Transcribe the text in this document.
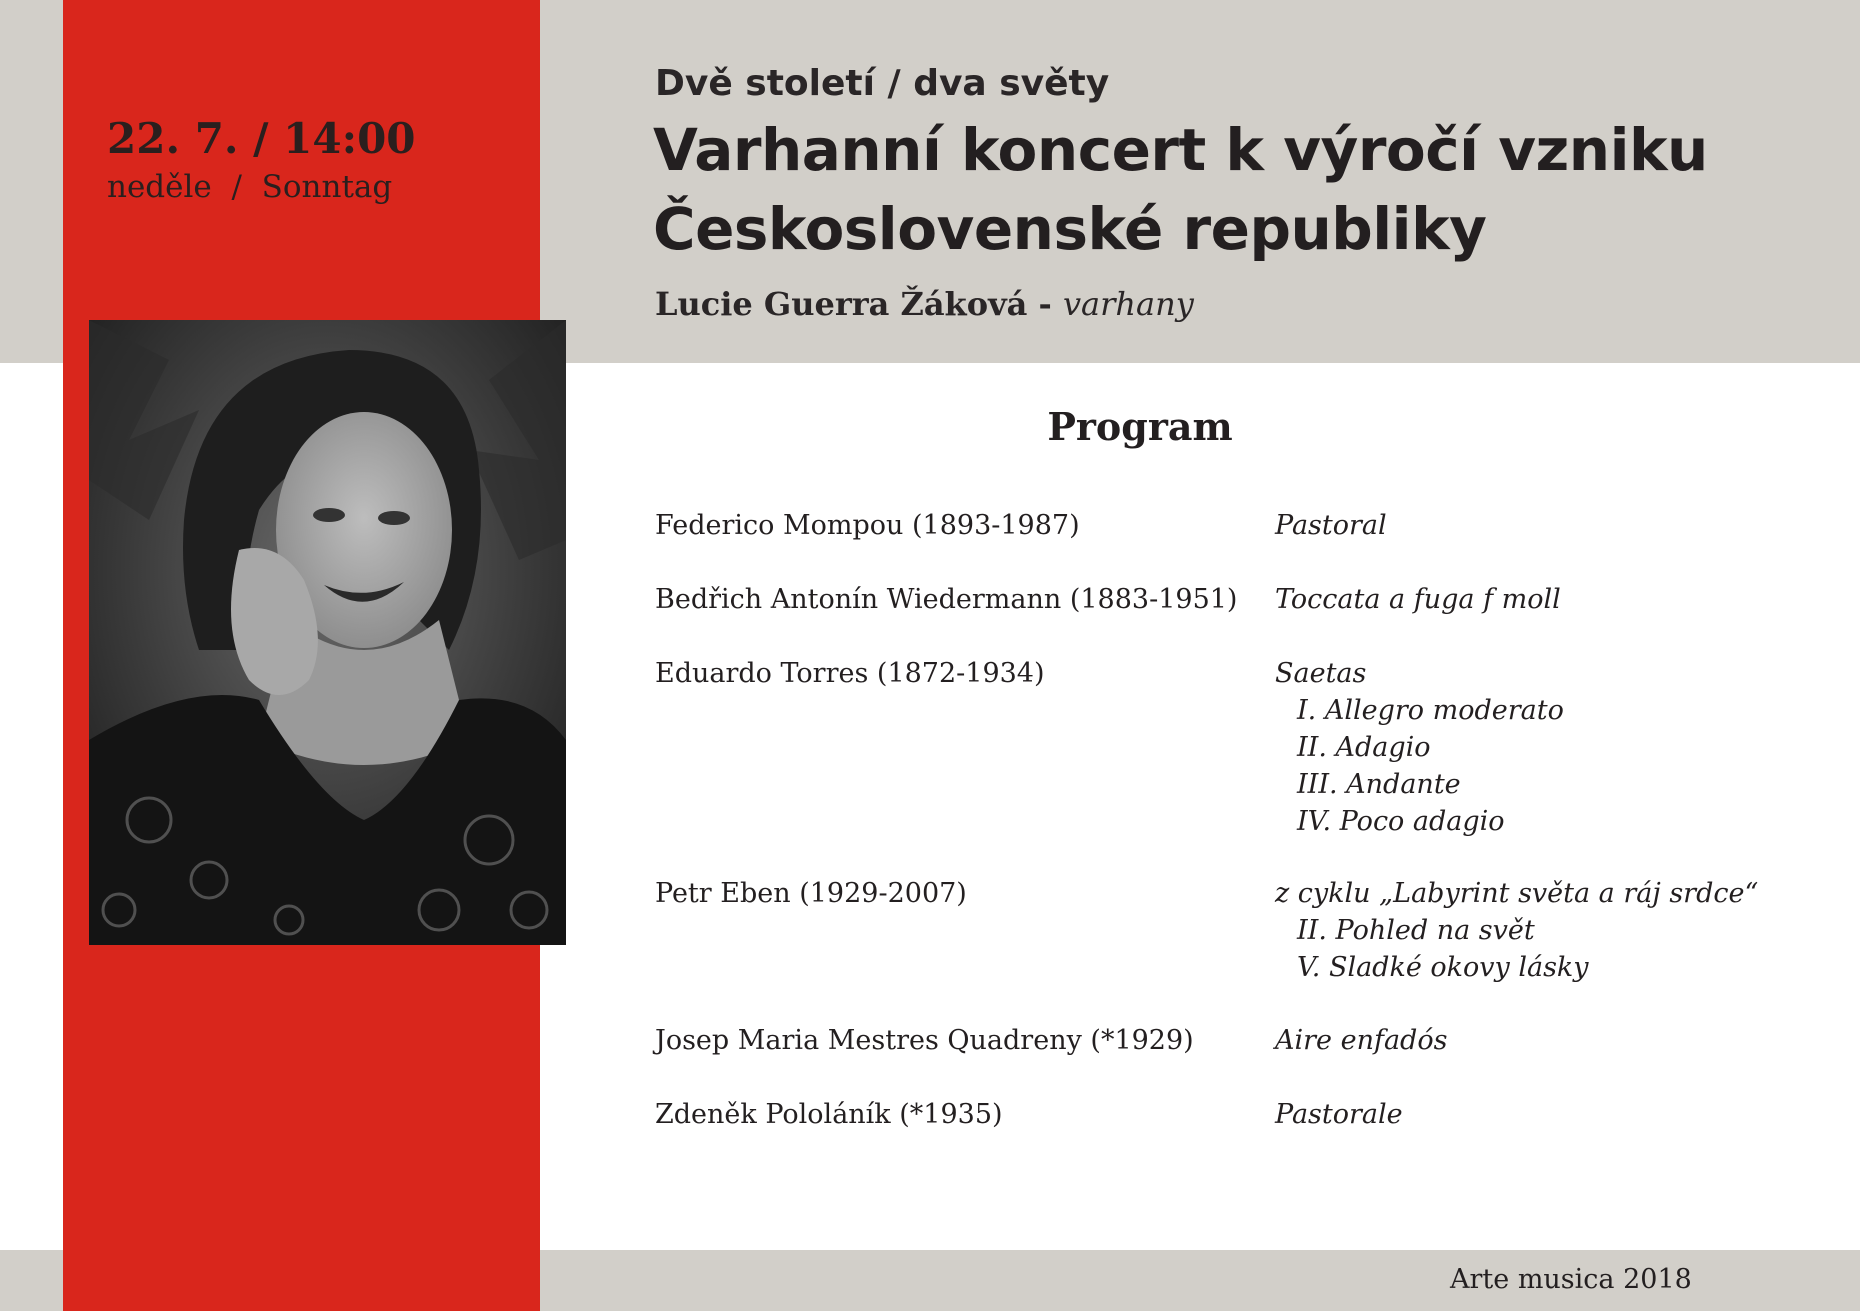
22. 7. / 14:00
neděle  /  Sonntag
Dvě století / dva světy
Varhanní koncert k výročí vzniku
Československé republiky
Lucie Guerra Žáková - varhany
Program
Federico Mompou (1893-1987)	Pastoral
Bedřich Antonín Wiedermann (1883-1951) Toccata a fuga f moll
Eduardo Torres (1872-1934)	Saetas
I. Allegro moderato
II. Adagio
III. Andante
IV. Poco adagio
Petr Eben (1929-2007)	z cyklu „Labyrint světa a ráj srdce“
II. Pohled na svět
V. Sladké okovy lásky
Josep Maria Mestres Quadreny (*1929)	Aire enfadós
Zdeněk Pololáník (*1935)	Pastorale
Arte musica 2018
